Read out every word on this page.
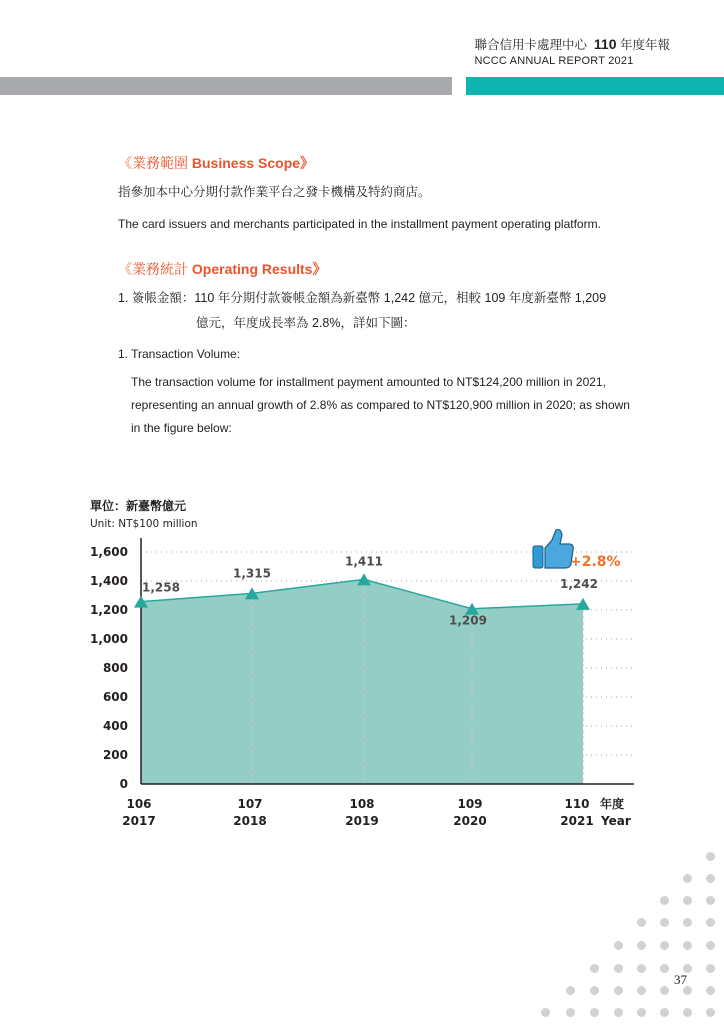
聯合信用卡處理中心 110 年度年報
NCCC ANNUAL REPORT 2021
《業務範圍 Business Scope》
指參加本中心分期付款作業平台之發卡機構及特約商店。
The card issuers and merchants participated in the installment payment operating platform.
《業務統計 Operating Results》
1. 簽帳金額：110 年分期付款簽帳金額為新臺幣 1,242 億元，相較 109 年度新臺幣 1,209
億元，年度成長率為 2.8%，詳如下圖：
1. Transaction Volume:
The transaction volume for installment payment amounted to NT$124,200 million in 2021,
representing an annual growth of 2.8% as compared to NT$120,900 million in 2020; as shown
in the figure below:
單位：新臺幣億元
Unit: NT$100 million
0
200
400
600
800
1,000
1,200
1,400
1,600
106
2017
107
2018
108
2019
109
2020
110
2021
1,258
1,315
1,411
1,209
1,242
年度
Year
+2.8%
37
